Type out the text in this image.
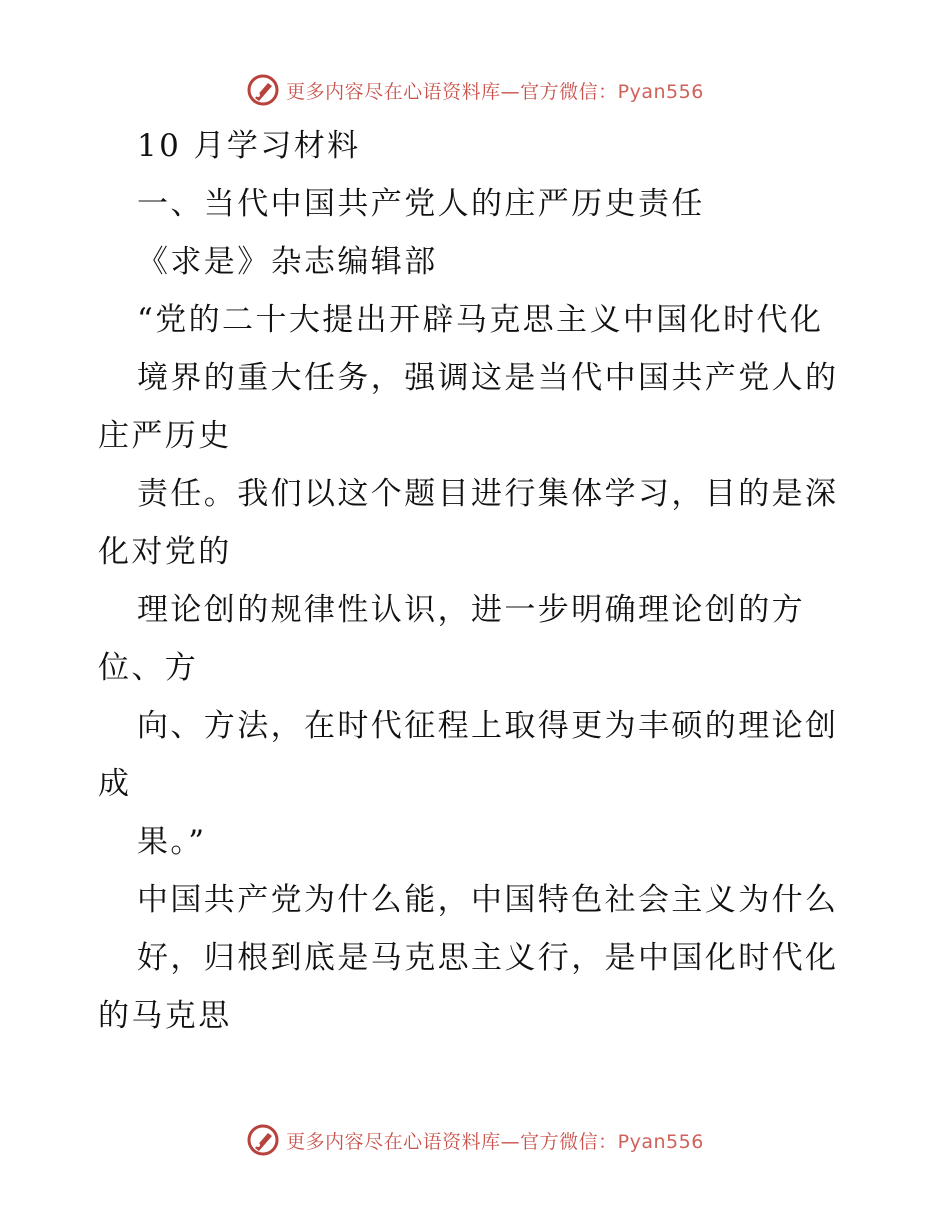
更多内容尽在心语资料库—官方微信：Pyan556
10 月学习材料
一、当代中国共产党人的庄严历史责任
《求是》杂志编辑部
“党的二十大提出开辟马克思主义中国化时代化
境界的重大任务，强调这是当代中国共产党人的
庄严历史
责任。我们以这个题目进行集体学习，目的是深
化对党的
理论创的规律性认识，进一步明确理论创的方
位、方
向、方法，在时代征程上取得更为丰硕的理论创
成
果。”
中国共产党为什么能，中国特色社会主义为什么
好，归根到底是马克思主义行，是中国化时代化
的马克思
更多内容尽在心语资料库—官方微信：Pyan556
